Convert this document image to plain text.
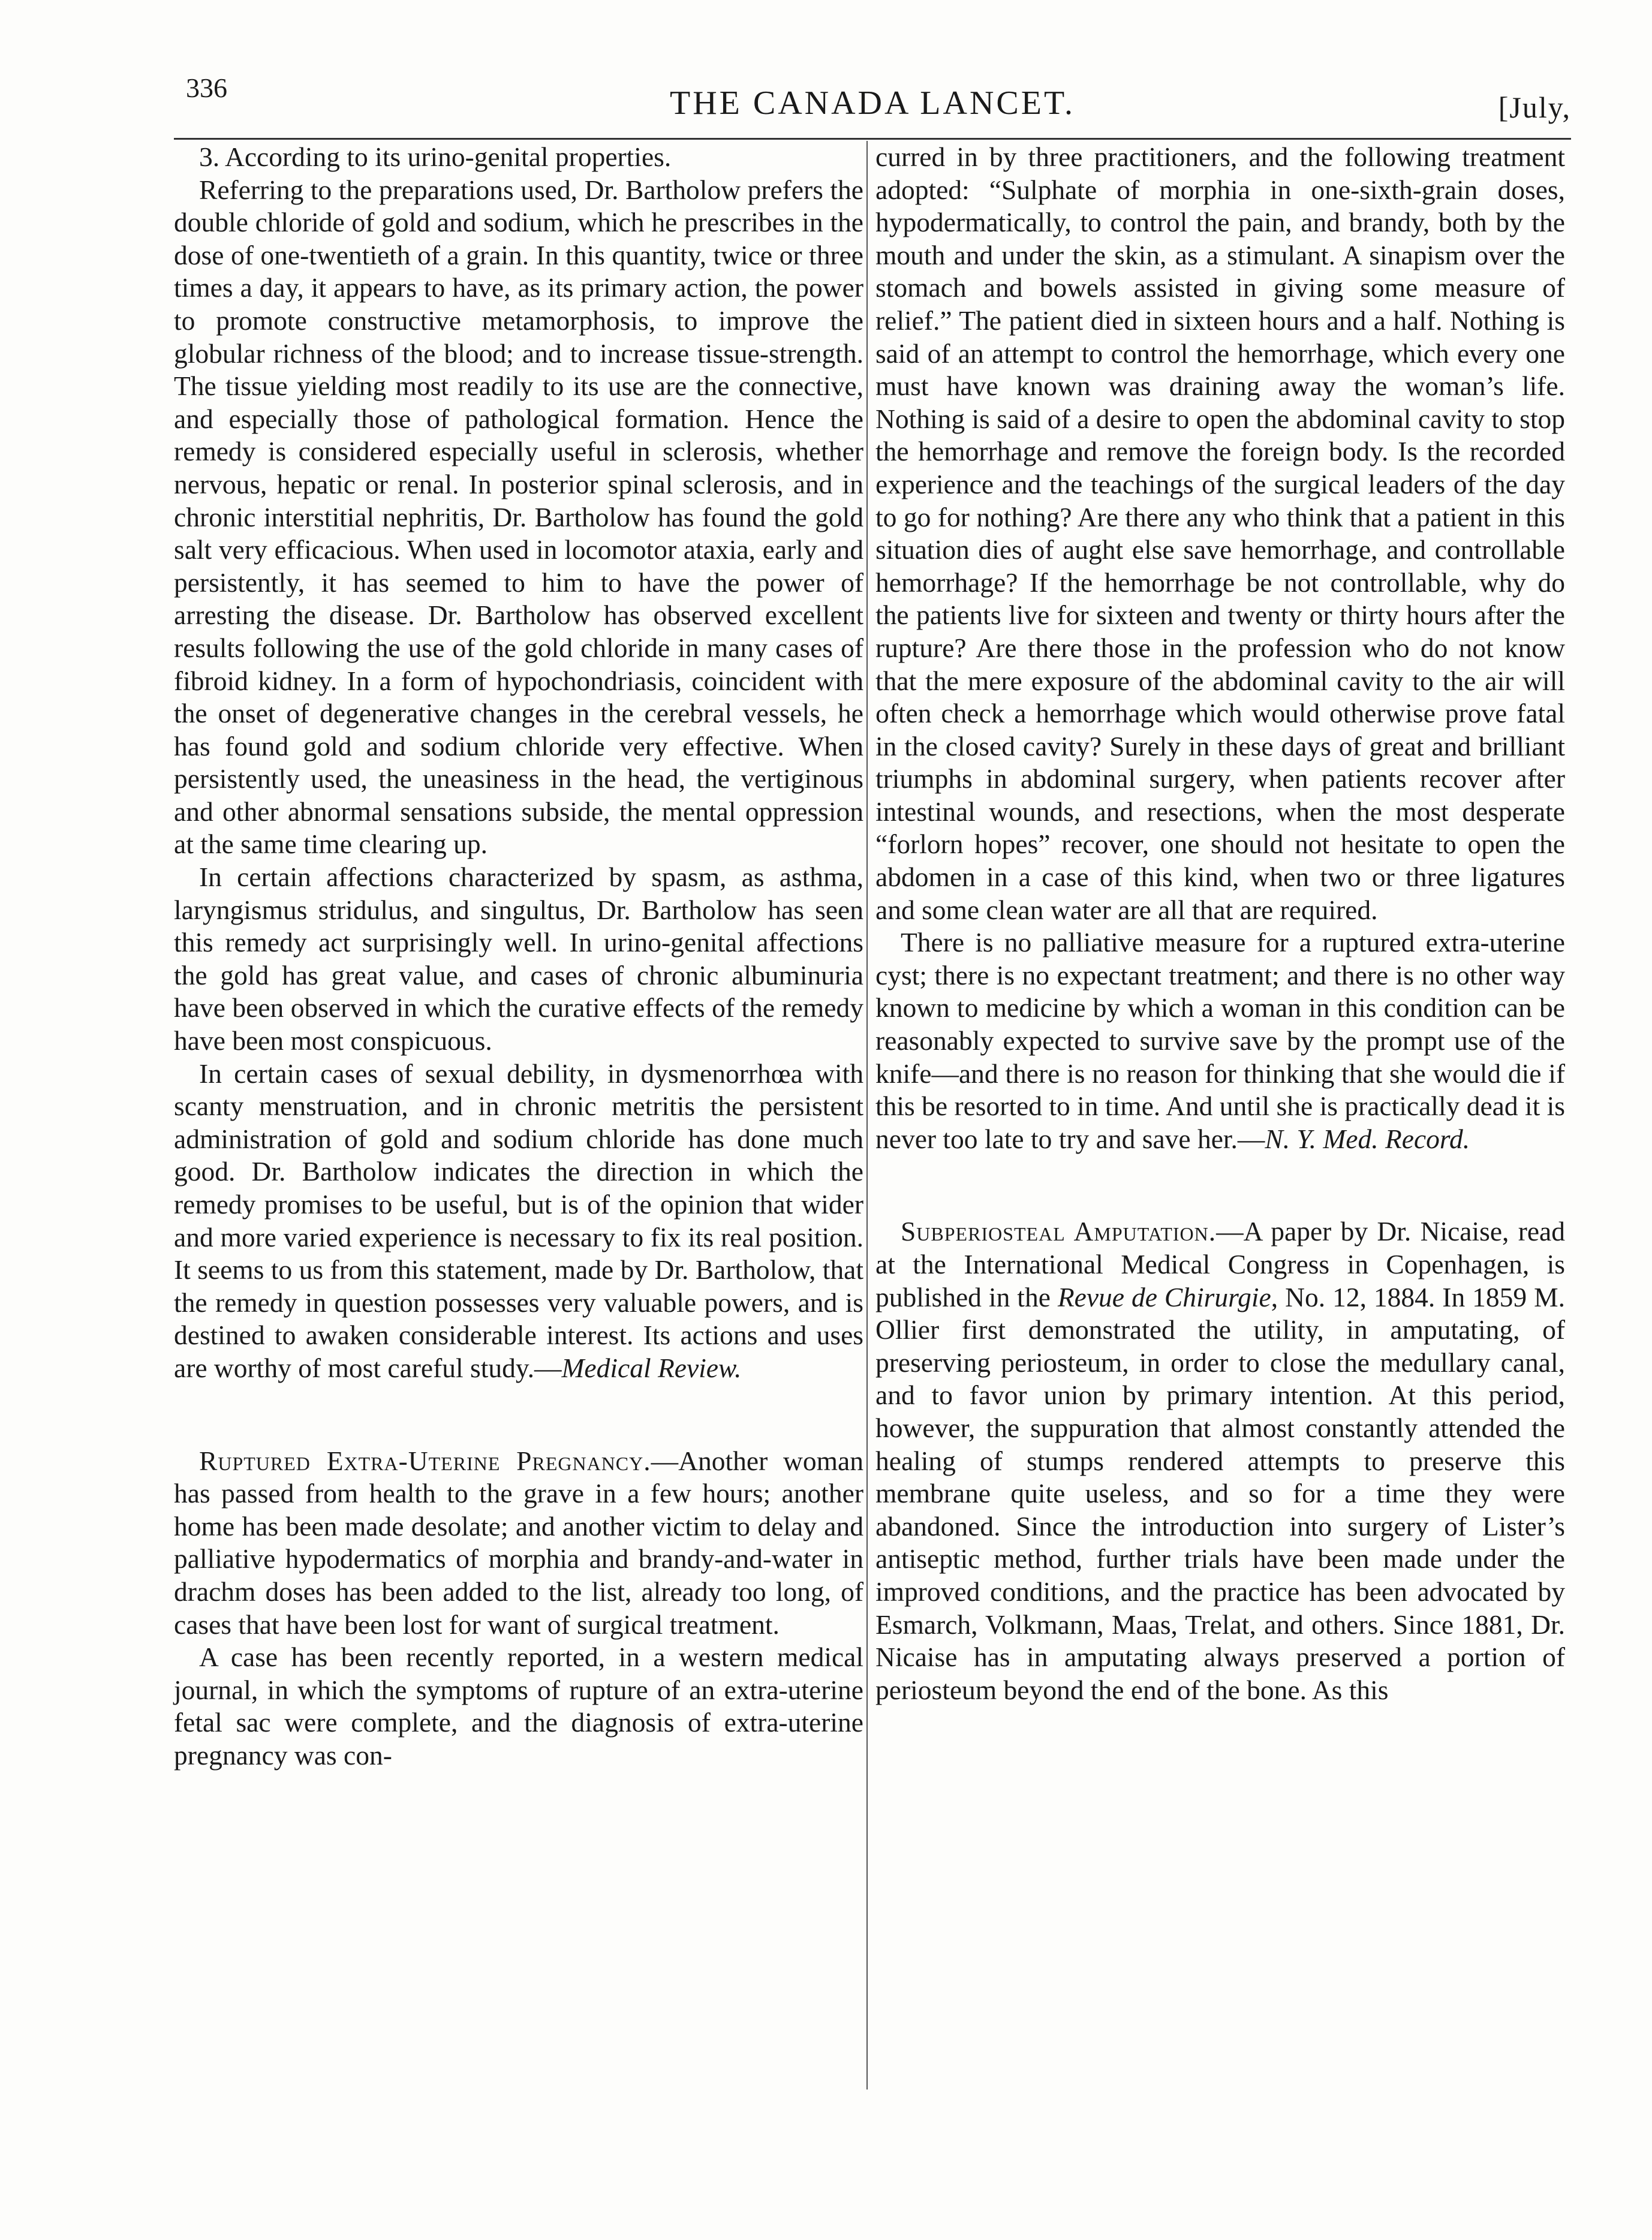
336	THE CANADA LANCET.	[July,

3. According to its urino-genital properties.

Referring to the preparations used, Dr. Bartholow prefers the double chloride of gold and sodium, which he prescribes in the dose of one-twentieth of a grain. In this quantity, twice or three times a day, it appears to have, as its primary action, the power to promote constructive metamorphosis, to improve the globular richness of the blood; and to increase tissue-strength. The tissue yielding most readily to its use are the connective, and especially those of pathological formation. Hence the remedy is considered especially useful in sclerosis, whether nervous, hepatic or renal. In posterior spinal sclerosis, and in chronic interstitial nephritis, Dr. Bartholow has found the gold salt very efficacious. When used in locomotor ataxia, early and persistently, it has seemed to him to have the power of arresting the disease. Dr. Bartholow has observed excellent results following the use of the gold chloride in many cases of fibroid kidney. In a form of hypochondriasis, coincident with the onset of degenerative changes in the cerebral vessels, he has found gold and sodium chloride very effective. When persistently used, the uneasiness in the head, the vertiginous and other abnormal sensations subside, the mental oppression at the same time clearing up.

In certain affections characterized by spasm, as asthma, laryngismus stridulus, and singultus, Dr. Bartholow has seen this remedy act surprisingly well. In urino-genital affections the gold has great value, and cases of chronic albuminuria have been observed in which the curative effects of the remedy have been most conspicuous.

In certain cases of sexual debility, in dysmenorrhœa with scanty menstruation, and in chronic metritis the persistent administration of gold and sodium chloride has done much good. Dr. Bartholow indicates the direction in which the remedy promises to be useful, but is of the opinion that wider and more varied experience is necessary to fix its real position. It seems to us from this statement, made by Dr. Bartholow, that the remedy in question possesses very valuable powers, and is destined to awaken considerable interest. Its actions and uses are worthy of most careful study.—Medical Review.

Ruptured Extra-Uterine Pregnancy.—Another woman has passed from health to the grave in a few hours; another home has been made desolate; and another victim to delay and palliative hypodermatics of morphia and brandy-and-water in drachm doses has been added to the list, already too long, of cases that have been lost for want of surgical treatment.

A case has been recently reported, in a western medical journal, in which the symptoms of rupture of an extra-uterine fetal sac were complete, and the diagnosis of extra-uterine pregnancy was con-

curred in by three practitioners, and the following treatment adopted: “Sulphate of morphia in one-sixth-grain doses, hypodermatically, to control the pain, and brandy, both by the mouth and under the skin, as a stimulant. A sinapism over the stomach and bowels assisted in giving some measure of relief.” The patient died in sixteen hours and a half. Nothing is said of an attempt to control the hemorrhage, which every one must have known was draining away the woman’s life. Nothing is said of a desire to open the abdominal cavity to stop the hemorrhage and remove the foreign body. Is the recorded experience and the teachings of the surgical leaders of the day to go for nothing? Are there any who think that a patient in this situation dies of aught else save hemorrhage, and controllable hemorrhage? If the hemorrhage be not controllable, why do the patients live for sixteen and twenty or thirty hours after the rupture? Are there those in the profession who do not know that the mere exposure of the abdominal cavity to the air will often check a hemorrhage which would otherwise prove fatal in the closed cavity? Surely in these days of great and brilliant triumphs in abdominal surgery, when patients recover after intestinal wounds, and resections, when the most desperate “forlorn hopes” recover, one should not hesitate to open the abdomen in a case of this kind, when two or three ligatures and some clean water are all that are required.

There is no palliative measure for a ruptured extra-uterine cyst; there is no expectant treatment; and there is no other way known to medicine by which a woman in this condition can be reasonably expected to survive save by the prompt use of the knife—and there is no reason for thinking that she would die if this be resorted to in time. And until she is practically dead it is never too late to try and save her.—N. Y. Med. Record.

Subperiosteal Amputation.—A paper by Dr. Nicaise, read at the International Medical Congress in Copenhagen, is published in the Revue de Chirurgie, No. 12, 1884. In 1859 M. Ollier first demonstrated the utility, in amputating, of preserving periosteum, in order to close the medullary canal, and to favor union by primary intention. At this period, however, the suppuration that almost constantly attended the healing of stumps rendered attempts to preserve this membrane quite useless, and so for a time they were abandoned. Since the introduction into surgery of Lister’s antiseptic method, further trials have been made under the improved conditions, and the practice has been advocated by Esmarch, Volkmann, Maas, Trelat, and others. Since 1881, Dr. Nicaise has in amputating always preserved a portion of periosteum beyond the end of the bone. As this
